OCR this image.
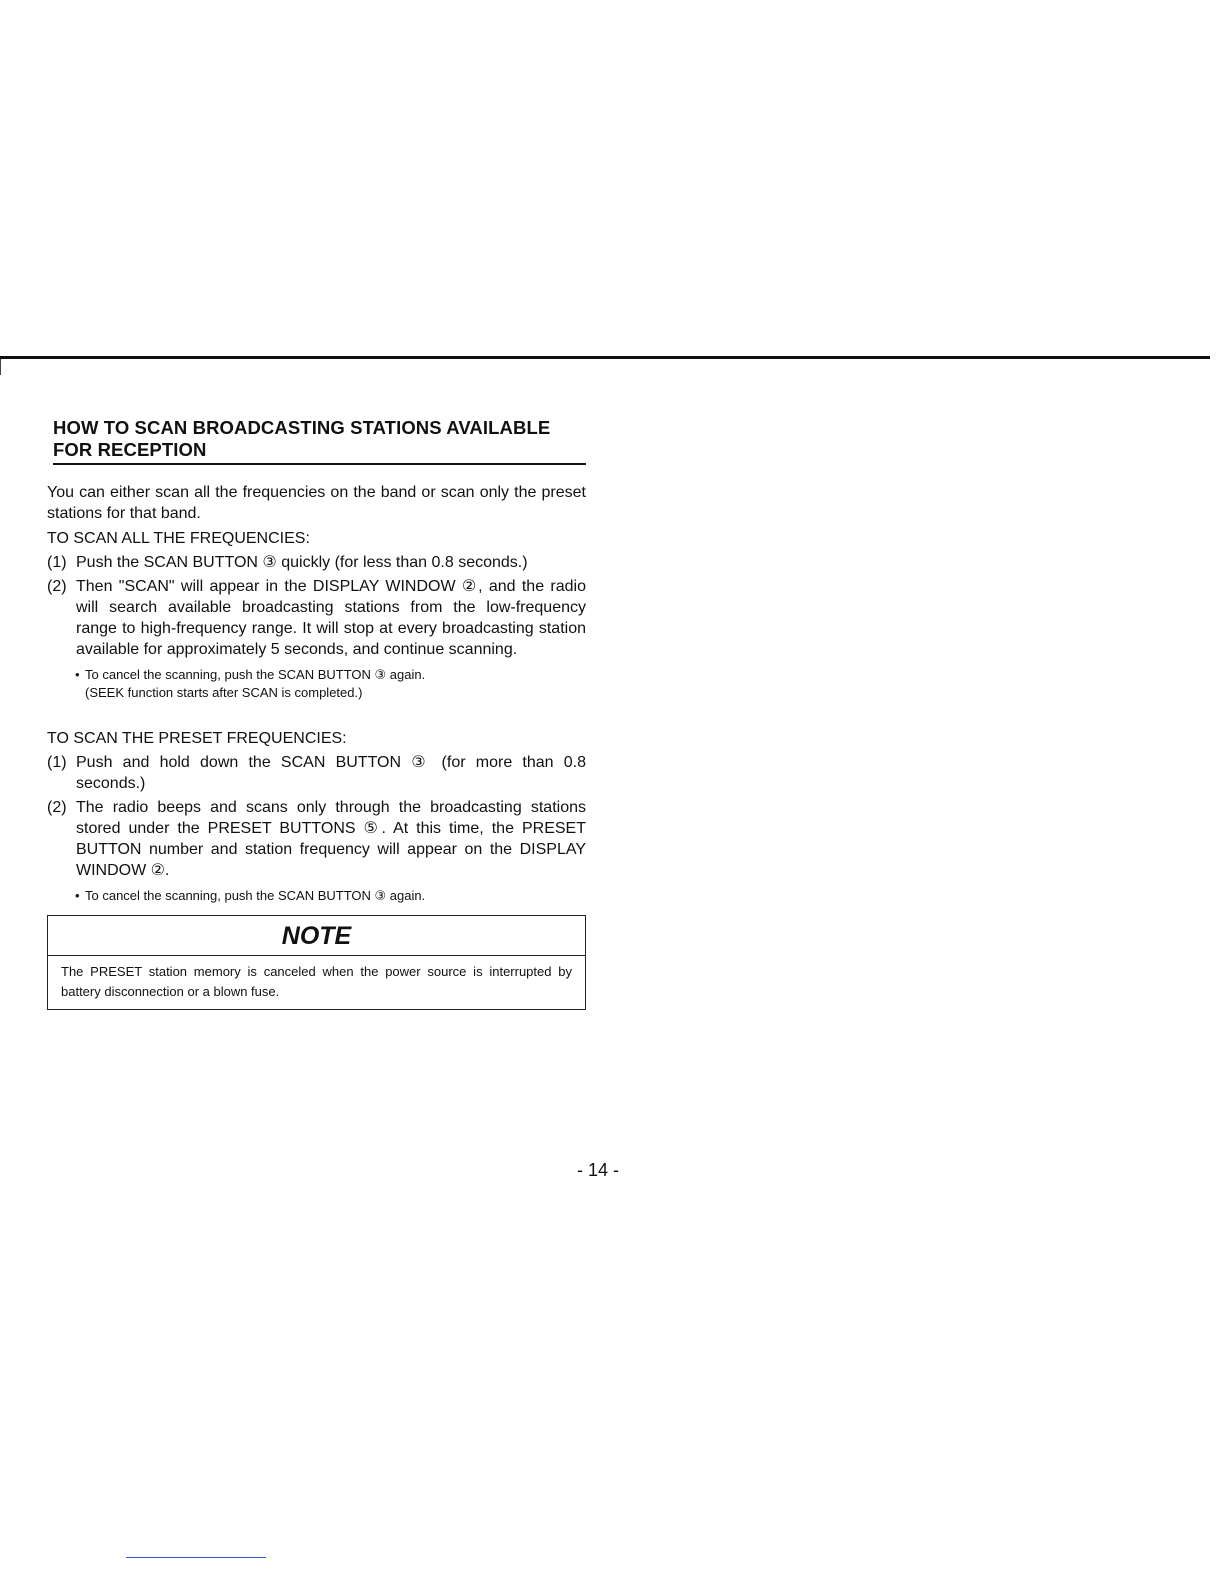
HOW TO SCAN BROADCASTING STATIONS AVAILABLE
FOR RECEPTION

You can either scan all the frequencies on the band or scan only the preset stations for that band.

TO SCAN ALL THE FREQUENCIES:

(1) Push the SCAN BUTTON ③ quickly (for less than 0.8 seconds.)
(2) Then "SCAN" will appear in the DISPLAY WINDOW ②, and the radio will search available broadcasting stations from the low-frequency range to high-frequency range. It will stop at every broadcasting station available for approximately 5 seconds, and continue scanning.
• To cancel the scanning, push the SCAN BUTTON ③ again.
(SEEK function starts after SCAN is completed.)

TO SCAN THE PRESET FREQUENCIES:

(1) Push and hold down the SCAN BUTTON ③ (for more than 0.8 seconds.)
(2) The radio beeps and scans only through the broadcasting stations stored under the PRESET BUTTONS ⑤. At this time, the PRESET BUTTON number and station frequency will appear on the DISPLAY WINDOW ②.
• To cancel the scanning, push the SCAN BUTTON ③ again.
NOTE
The PRESET station memory is canceled when the power source is interrupted by battery disconnection or a blown fuse.
- 14 -
